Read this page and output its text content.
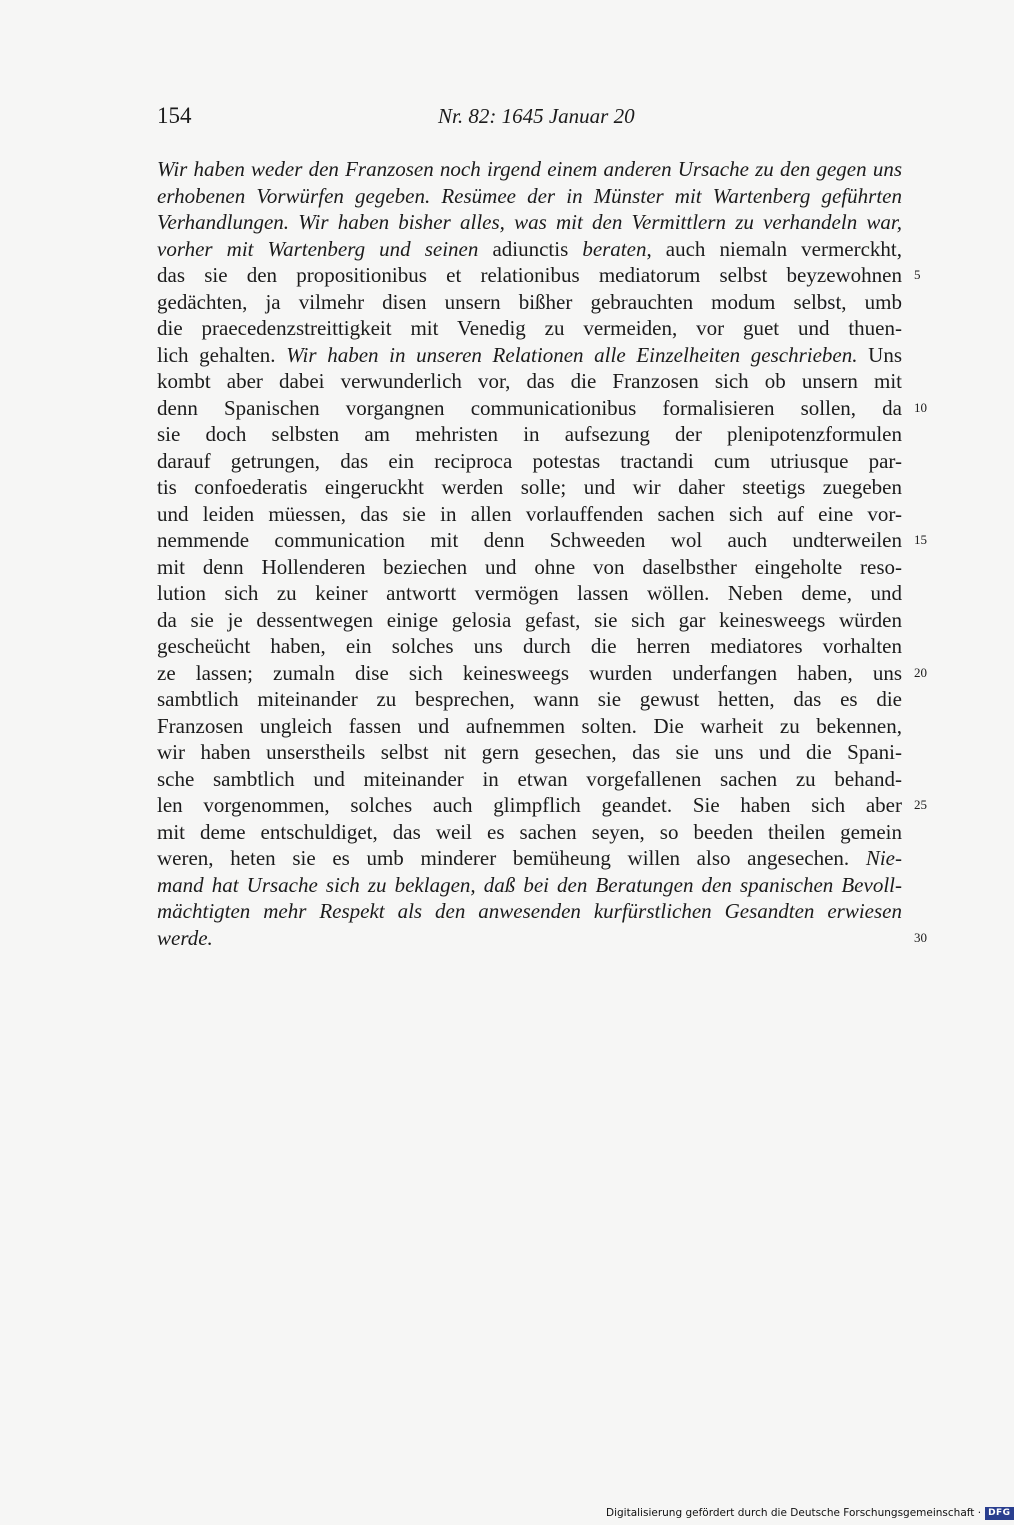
154	Nr. 82: 1645 Januar 20
Wir haben weder den Franzosen noch irgend einem anderen Ursache zu den gegen uns
erhobenen Vorwürfen gegeben. Resümee der in Münster mit Wartenberg geführten
Verhandlungen. Wir haben bisher alles, was mit den Vermittlern zu verhandeln war,
vorher mit Wartenberg und seinen adiunctis beraten, auch niemaln vermerckht,
das sie den propositionibus et relationibus mediatorum selbst beyzewohnen
gedächten, ja vilmehr disen unsern bißher gebrauchten modum selbst, umb
die praecedenzstreittigkeit mit Venedig zu vermeiden, vor guet und thuen-
lich gehalten. Wir haben in unseren Relationen alle Einzelheiten geschrieben. Uns
kombt aber dabei verwunderlich vor, das die Franzosen sich ob unsern mit
denn Spanischen vorgangnen communicationibus formalisieren sollen, da
sie doch selbsten am mehristen in aufsezung der plenipotenzformulen
darauf getrungen, das ein reciproca potestas tractandi cum utriusque par-
tis confoederatis eingeruckht werden solle; und wir daher steetigs zuegeben
und leiden müessen, das sie in allen vorlauffenden sachen sich auf eine vor-
nemmende communication mit denn Schweeden wol auch undterweilen
mit denn Hollenderen beziechen und ohne von daselbsther eingeholte reso-
lution sich zu keiner antwortt vermögen lassen wöllen. Neben deme, und
da sie je dessentwegen einige gelosia gefast, sie sich gar keinesweegs würden
gescheücht haben, ein solches uns durch die herren mediatores vorhalten
ze lassen; zumaln dise sich keinesweegs wurden underfangen haben, uns
sambtlich miteinander zu besprechen, wann sie gewust hetten, das es die
Franzosen ungleich fassen und aufnemmen solten. Die warheit zu bekennen,
wir haben unserstheils selbst nit gern gesechen, das sie uns und die Spani-
sche sambtlich und miteinander in etwan vorgefallenen sachen zu behand-
len vorgenommen, solches auch glimpflich geandet. Sie haben sich aber
mit deme entschuldiget, das weil es sachen seyen, so beeden theilen gemein
weren, heten sie es umb minderer bemüheung willen also angesechen. Nie-
mand hat Ursache sich zu beklagen, daß bei den Beratungen den spanischen Bevoll-
mächtigten mehr Respekt als den anwesenden kurfürstlichen Gesandten erwiesen
werde.
5
10
15
20
25
30
Digitalisierung gefördert durch die Deutsche Forschungsgemeinschaft · DFG
